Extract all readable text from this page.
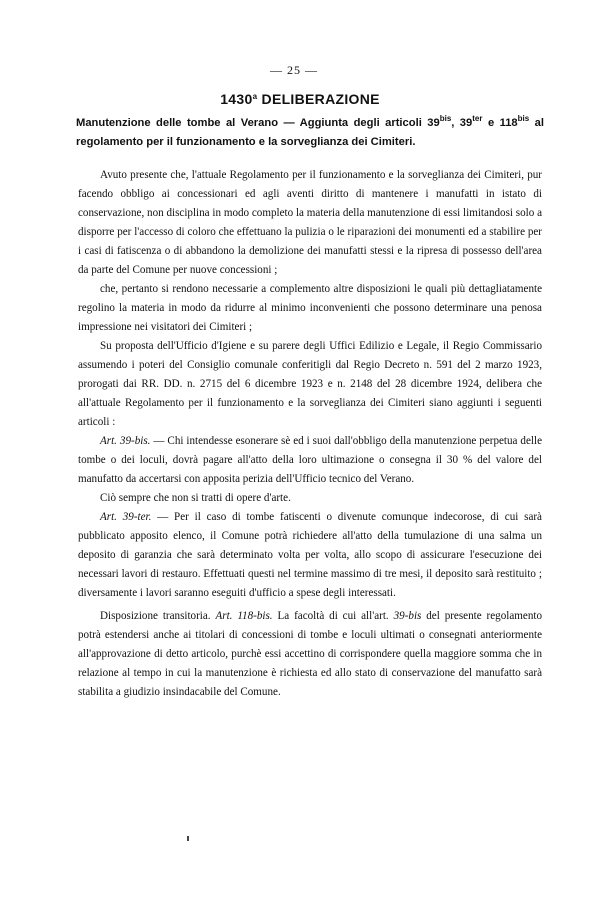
— 25 —
1430$^a$ DELIBERAZIONE
Manutenzione delle tombe al Verano — Aggiunta degli articoli $39^{bis}$, $39^{ter}$ e $118^{bis}$ al regolamento per il funzionamento e la sorveglianza dei Cimiteri.

Avuto presente che, l'attuale Regolamento per il funzionamento e la sorveglianza dei Cimiteri, pur facendo obbligo ai concessionari ed agli aventi diritto di mantenere i manufatti in istato di conservazione, non disciplina in modo completo la materia della manutenzione di essi limitandosi solo a disporre per l'accesso di coloro che effettuano la pulizia o le riparazioni dei monumenti ed a stabilire per i casi di fatiscenza o di abbandono la demolizione dei manufatti stessi e la ripresa di possesso dell'area da parte del Comune per nuove concessioni ;

che, pertanto si rendono necessarie a complemento altre disposizioni le quali più dettagliatamente regolino la materia in modo da ridurre al minimo inconvenienti che possono determinare una penosa impressione nei visitatori dei Cimiteri ;

Su proposta dell'Ufficio d'Igiene e su parere degli Uffici Edilizio e Legale, il Regio Commissario assumendo i poteri del Consiglio comunale conferitigli dal Regio Decreto n. 591 del 2 marzo 1923, prorogati dai RR. DD. n. 2715 del 6 dicembre 1923 e n. 2148 del 28 dicembre 1924, delibera che all'attuale Regolamento per il funzionamento e la sorveglianza dei Cimiteri siano aggiunti i seguenti articoli :

Art. 39-bis. — Chi intendesse esonerare sè ed i suoi dall'obbligo della manutenzione perpetua delle tombe o dei loculi, dovrà pagare all'atto della loro ultimazione o consegna il 30 % del valore del manufatto da accertarsi con apposita perizia dell'Ufficio tecnico del Verano.

Ciò sempre che non si tratti di opere d'arte.

Art. 39-ter. — Per il caso di tombe fatiscenti o divenute comunque indecorose, di cui sarà pubblicato apposito elenco, il Comune potrà richiedere all'atto della tumulazione di una salma un deposito di garanzia che sarà determinato volta per volta, allo scopo di assicurare l'esecuzione dei necessari lavori di restauro. Effettuati questi nel termine massimo di tre mesi, il deposito sarà restituito ; diversamente i lavori saranno eseguiti d'ufficio a spese degli interessati.

Disposizione transitoria. Art. 118-bis. La facoltà di cui all'art. 39-bis del presente regolamento potrà estendersi anche ai titolari di concessioni di tombe e loculi ultimati o consegnati anteriormente all'approvazione di detto articolo, purchè essi accettino di corrispondere quella maggiore somma che in relazione al tempo in cui la manutenzione è richiesta ed allo stato di conservazione del manufatto sarà stabilita a giudizio insindacabile del Comune.
